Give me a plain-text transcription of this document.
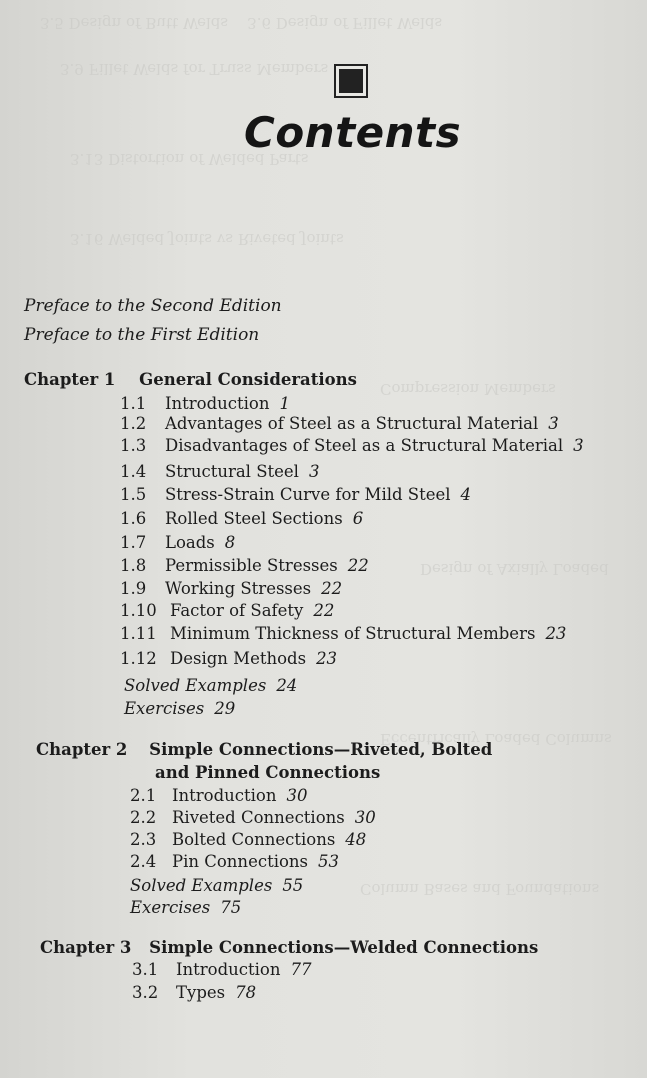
3.5 Design of Butt Welds    3.6 Design of Fillet Welds
3.9 Fillet Welds for Truss Members
3.13 Distortion of Welded Parts
3.16 Welded Joints vs Riveted Joints
Compression Members
Design of Axially Loaded
Eccentrically Loaded Columns
Column Bases and Foundations
Contents
Preface to the Second Edition
Preface to the First Edition
Chapter 1 General Considerations
1.1 Introduction 1
1.2 Advantages of Steel as a Structural Material 3
1.3 Disadvantages of Steel as a Structural Material 3
1.4 Structural Steel 3
1.5 Stress-Strain Curve for Mild Steel 4
1.6 Rolled Steel Sections 6
1.7 Loads 8
1.8 Permissible Stresses 22
1.9 Working Stresses 22
1.10 Factor of Safety 22
1.11 Minimum Thickness of Structural Members 23
1.12 Design Methods 23
Solved Examples 24
Exercises 29
Chapter 2 Simple Connections—Riveted, Bolted
and Pinned Connections
2.1 Introduction 30
2.2 Riveted Connections 30
2.3 Bolted Connections 48
2.4 Pin Connections 53
Solved Examples 55
Exercises 75
Chapter 3 Simple Connections—Welded Connections
3.1 Introduction 77
3.2 Types 78
